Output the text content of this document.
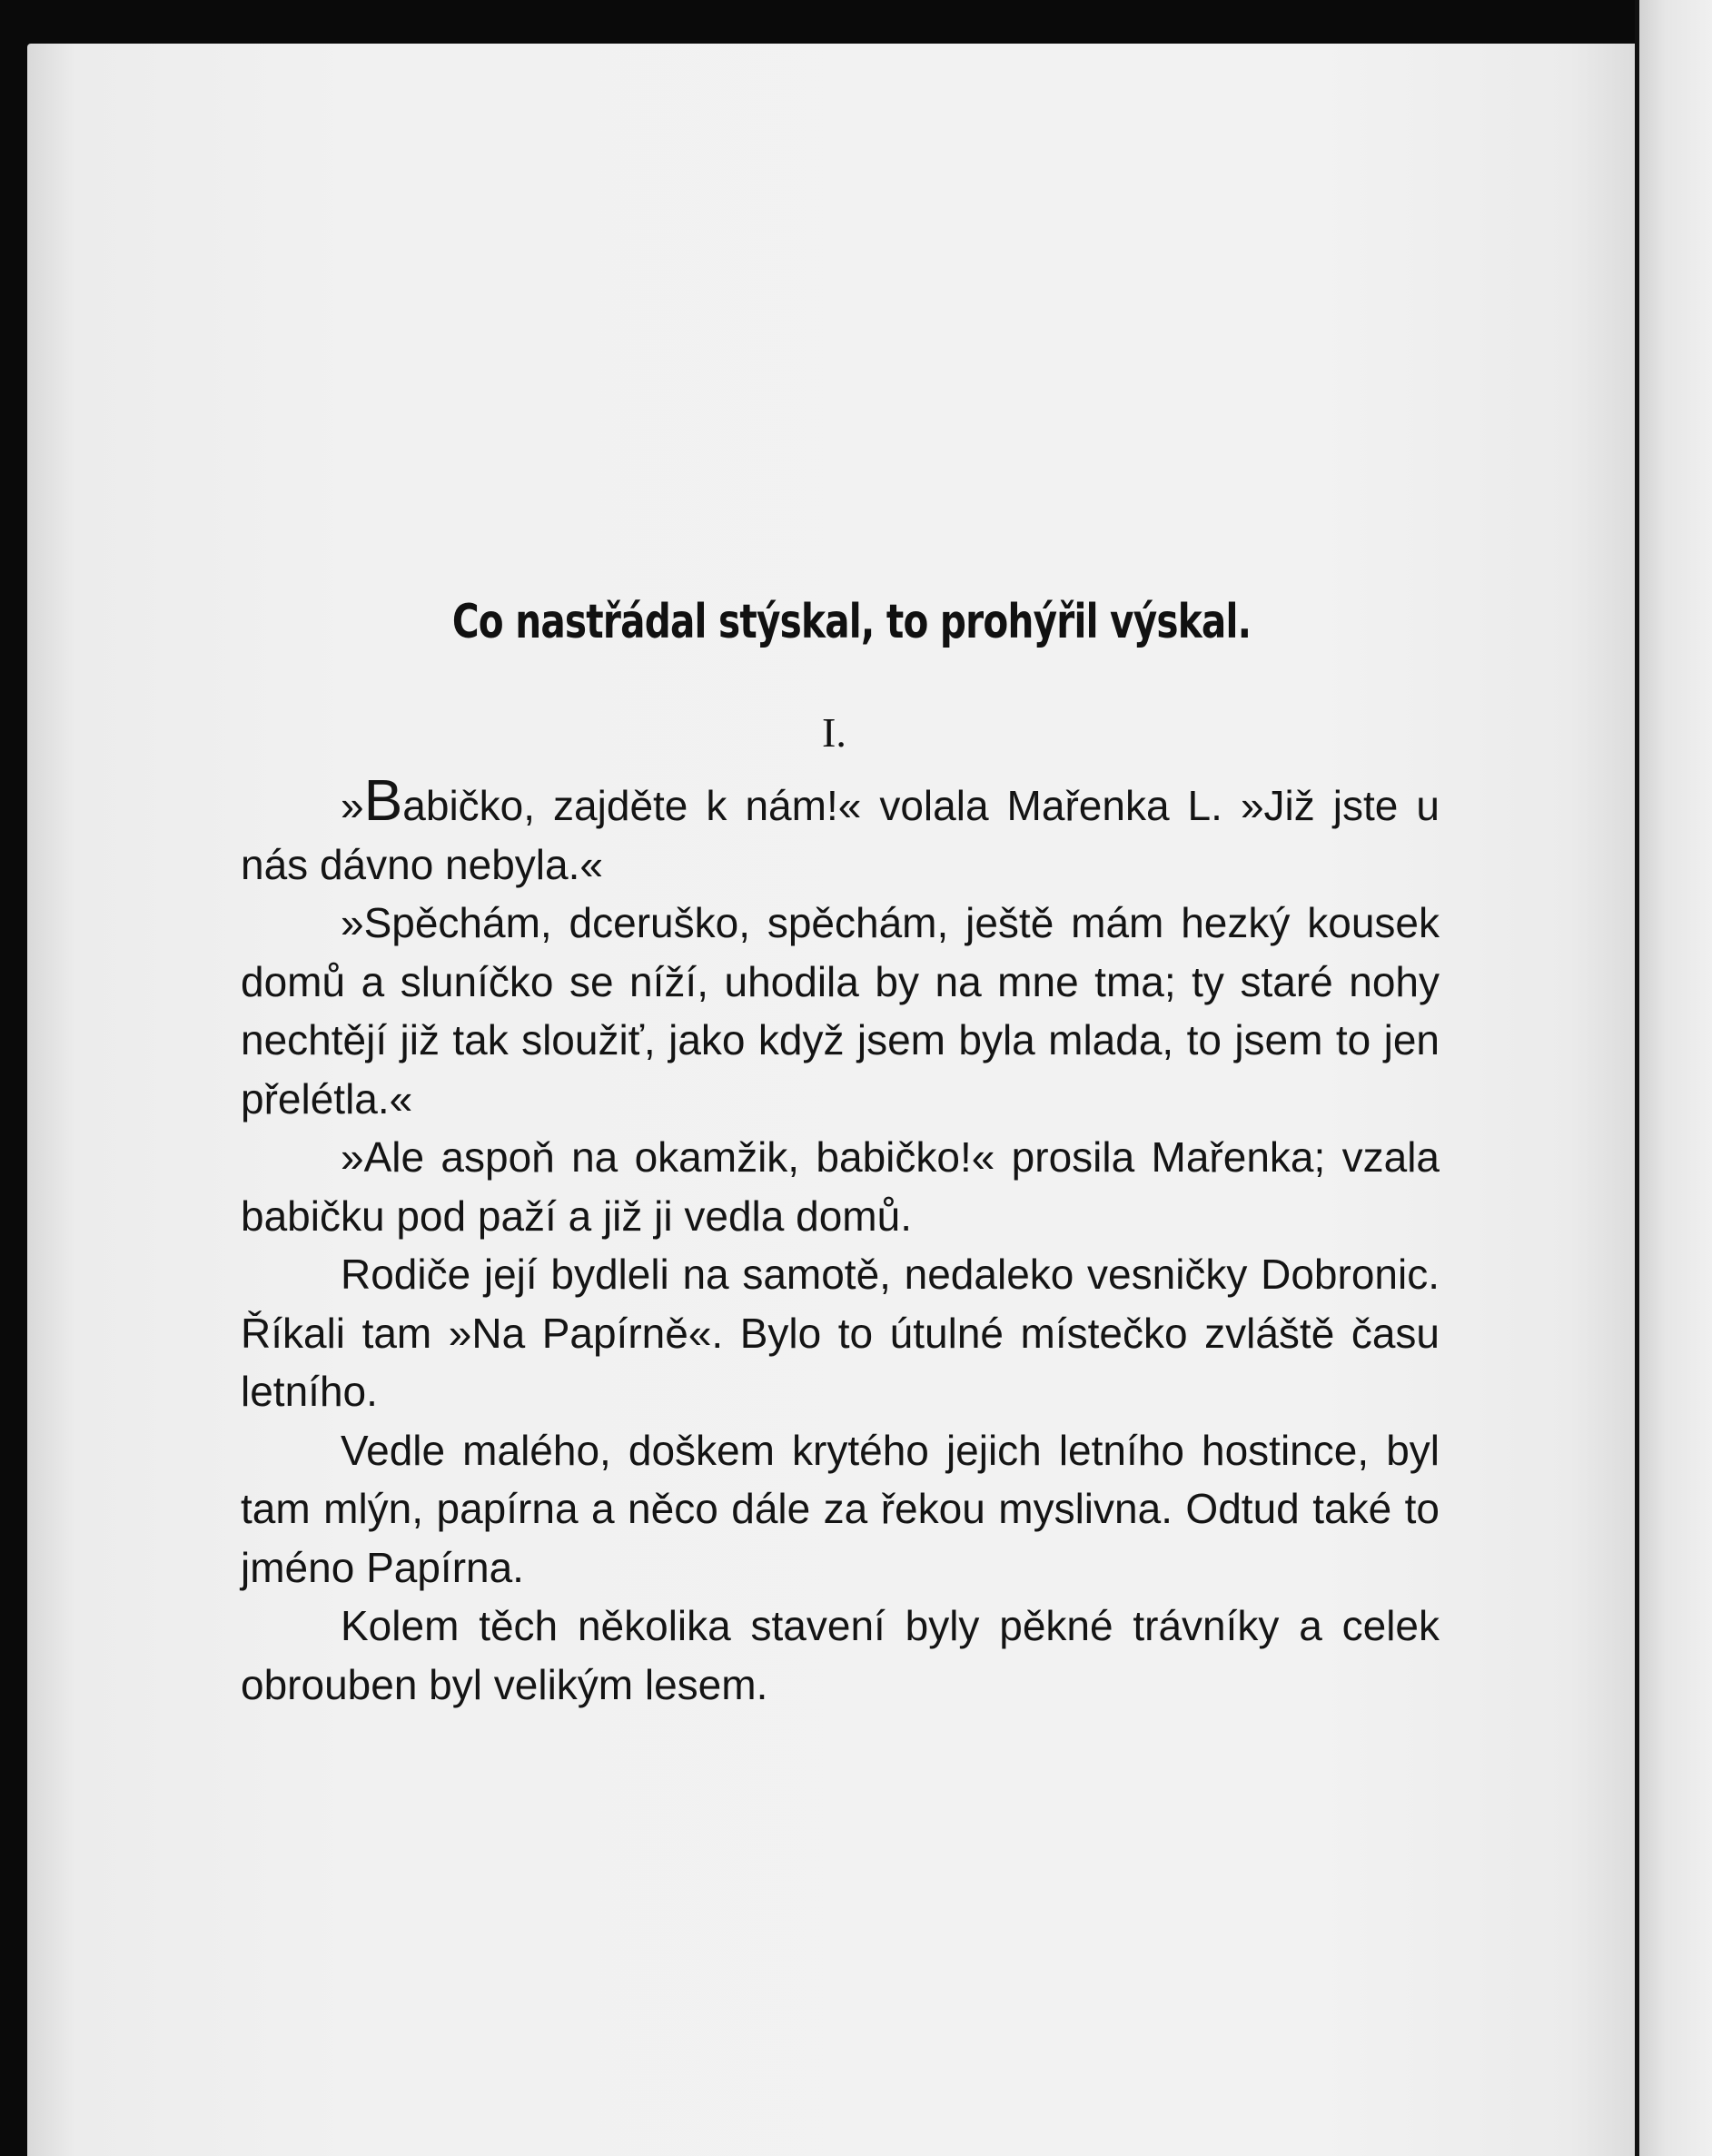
Co nastřádal stýskal, to prohýřil výskal.
I.

»Babičko, zajděte k nám!« volala Mařenka L. »Již jste u nás dávno nebyla.«

»Spěchám, dceruško, spěchám, ještě mám hezký kousek domů a sluníčko se níží, uhodila by na mne tma; ty staré nohy nechtějí již tak sloužiť, jako když jsem byla mlada, to jsem to jen přelétla.«

»Ale aspoň na okamžik, babičko!« prosila Mařenka; vzala babičku pod paží a již ji vedla domů.

Rodiče její bydleli na samotě, nedaleko vesničky Dobronic. Říkali tam »Na Papírně«. Bylo to útulné místečko zvláště času letního.

Vedle malého, doškem krytého jejich letního hostince, byl tam mlýn, papírna a něco dále za řekou myslivna. Odtud také to jméno Papírna.

Kolem těch několika stavení byly pěkné trávníky a celek obrouben byl velikým lesem.
